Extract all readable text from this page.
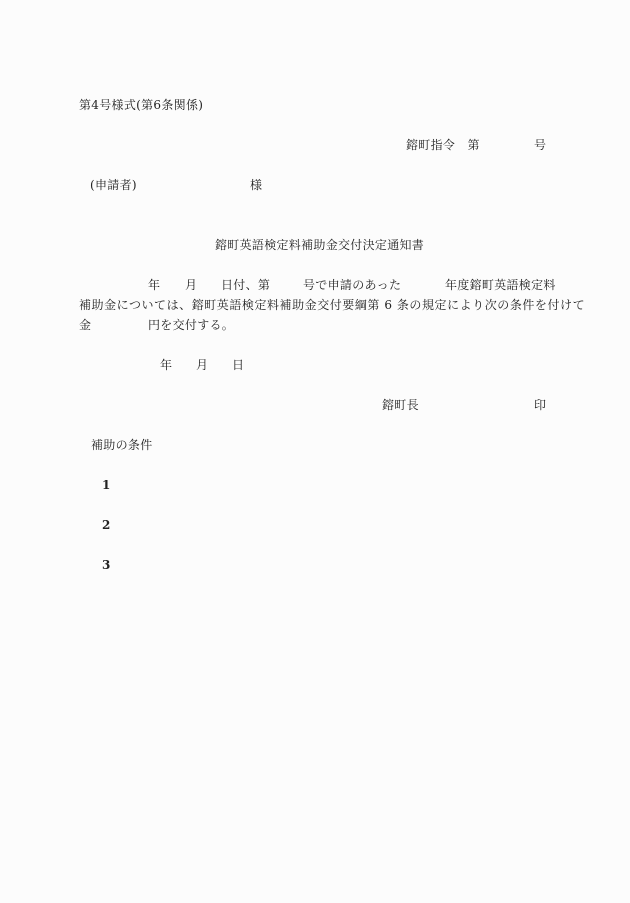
第4号様式(第6条関係)
鎔町指令　第	号
(申請者)	様
鎔町英語検定料補助金交付決定通知書
年 月 日付、第	号で申請のあった	年度鎔町英語検定料
補助金については、鎔町英語検定料補助金交付要綱第 6 条の規定により次の条件を付けて
金	円を交付する。
年 月 日
鎔町長	印
補助の条件
1
2
3
